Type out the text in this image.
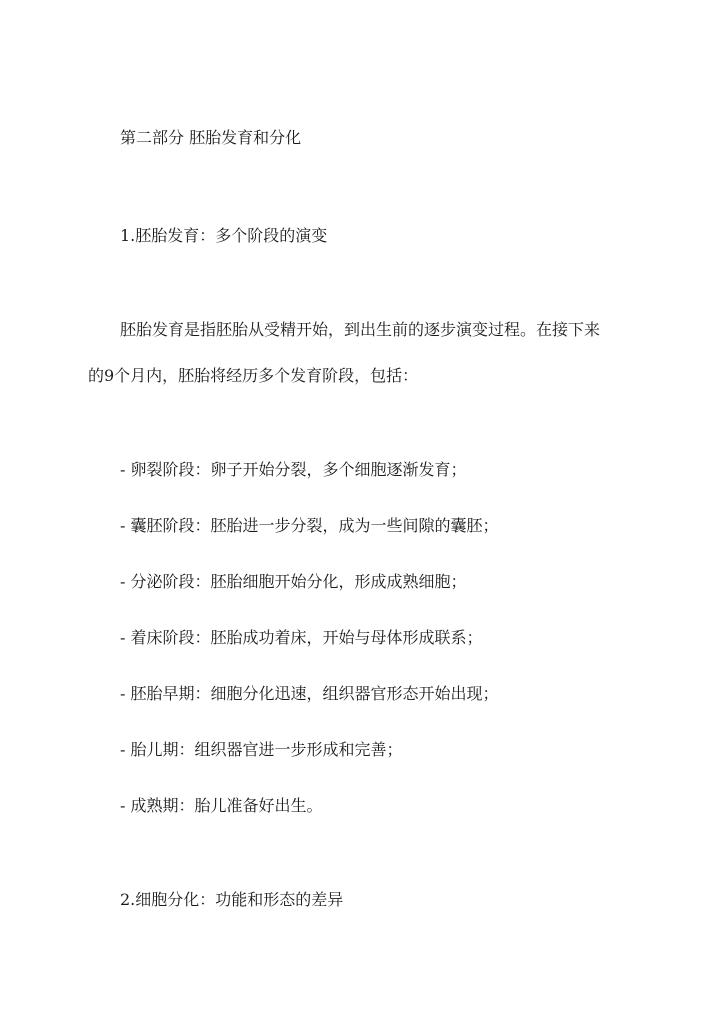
第二部分 胚胎发育和分化
1.胚胎发育：多个阶段的演变
胚胎发育是指胚胎从受精开始，到出生前的逐步演变过程。在接下来
的9个月内，胚胎将经历多个发育阶段，包括：
- 卵裂阶段：卵子开始分裂，多个细胞逐渐发育；
- 囊胚阶段：胚胎进一步分裂，成为一些间隙的囊胚；
- 分泌阶段：胚胎细胞开始分化，形成成熟细胞；
- 着床阶段：胚胎成功着床，开始与母体形成联系；
- 胚胎早期：细胞分化迅速，组织器官形态开始出现；
- 胎儿期：组织器官进一步形成和完善；
- 成熟期：胎儿准备好出生。
2.细胞分化：功能和形态的差异
